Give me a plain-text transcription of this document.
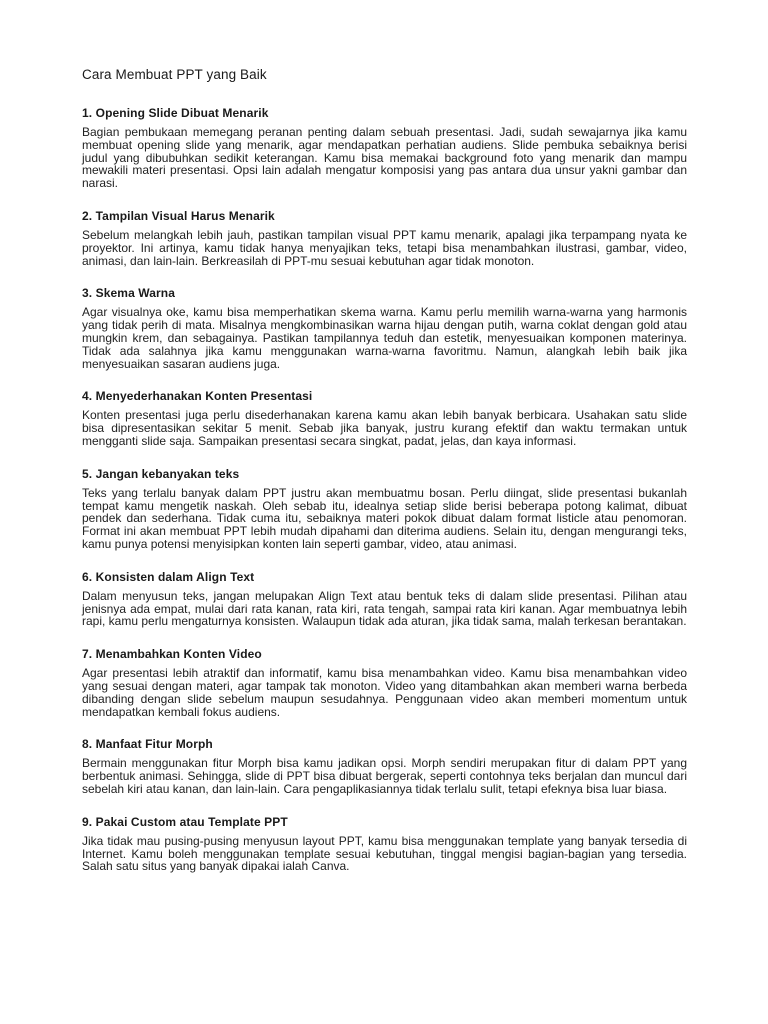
Cara Membuat PPT yang Baik
1. Opening Slide Dibuat Menarik

Bagian pembukaan memegang peranan penting dalam sebuah presentasi. Jadi, sudah sewajarnya jika kamu membuat opening slide yang menarik, agar mendapatkan perhatian audiens. Slide pembuka sebaiknya berisi judul yang dibubuhkan sedikit keterangan. Kamu bisa memakai background foto yang menarik dan mampu mewakili materi presentasi. Opsi lain adalah mengatur komposisi yang pas antara dua unsur yakni gambar dan narasi.

2. Tampilan Visual Harus Menarik

Sebelum melangkah lebih jauh, pastikan tampilan visual PPT kamu menarik, apalagi jika terpampang nyata ke proyektor. Ini artinya, kamu tidak hanya menyajikan teks, tetapi bisa menambahkan ilustrasi, gambar, video, animasi, dan lain-lain. Berkreasilah di PPT-mu sesuai kebutuhan agar tidak monoton.

3. Skema Warna

Agar visualnya oke, kamu bisa memperhatikan skema warna. Kamu perlu memilih warna-warna yang harmonis yang tidak perih di mata. Misalnya mengkombinasikan warna hijau dengan putih, warna coklat dengan gold atau mungkin krem, dan sebagainya. Pastikan tampilannya teduh dan estetik, menyesuaikan komponen materinya. Tidak ada salahnya jika kamu menggunakan warna-warna favoritmu. Namun, alangkah lebih baik jika menyesuaikan sasaran audiens juga.

4. Menyederhanakan Konten Presentasi

Konten presentasi juga perlu disederhanakan karena kamu akan lebih banyak berbicara. Usahakan satu slide bisa dipresentasikan sekitar 5 menit. Sebab jika banyak, justru kurang efektif dan waktu termakan untuk mengganti slide saja. Sampaikan presentasi secara singkat, padat, jelas, dan kaya informasi.

5. Jangan kebanyakan teks

Teks yang terlalu banyak dalam PPT justru akan membuatmu bosan. Perlu diingat, slide presentasi bukanlah tempat kamu mengetik naskah. Oleh sebab itu, idealnya setiap slide berisi beberapa potong kalimat, dibuat pendek dan sederhana. Tidak cuma itu, sebaiknya materi pokok dibuat dalam format listicle atau penomoran. Format ini akan membuat PPT lebih mudah dipahami dan diterima audiens. Selain itu, dengan mengurangi teks, kamu punya potensi menyisipkan konten lain seperti gambar, video, atau animasi.

6. Konsisten dalam Align Text

Dalam menyusun teks, jangan melupakan Align Text atau bentuk teks di dalam slide presentasi. Pilihan atau jenisnya ada empat, mulai dari rata kanan, rata kiri, rata tengah, sampai rata kiri kanan. Agar membuatnya lebih rapi, kamu perlu mengaturnya konsisten. Walaupun tidak ada aturan, jika tidak sama, malah terkesan berantakan.

7. Menambahkan Konten Video

Agar presentasi lebih atraktif dan informatif, kamu bisa menambahkan video. Kamu bisa menambahkan video yang sesuai dengan materi, agar tampak tak monoton. Video yang ditambahkan akan memberi warna berbeda dibanding dengan slide sebelum maupun sesudahnya. Penggunaan video akan memberi momentum untuk mendapatkan kembali fokus audiens.

8. Manfaat Fitur Morph

Bermain menggunakan fitur Morph bisa kamu jadikan opsi. Morph sendiri merupakan fitur di dalam PPT yang berbentuk animasi. Sehingga, slide di PPT bisa dibuat bergerak, seperti contohnya teks berjalan dan muncul dari sebelah kiri atau kanan, dan lain-lain. Cara pengaplikasiannya tidak terlalu sulit, tetapi efeknya bisa luar biasa.

9. Pakai Custom atau Template PPT

Jika tidak mau pusing-pusing menyusun layout PPT, kamu bisa menggunakan template yang banyak tersedia di Internet. Kamu boleh menggunakan template sesuai kebutuhan, tinggal mengisi bagian-bagian yang tersedia. Salah satu situs yang banyak dipakai ialah Canva.
